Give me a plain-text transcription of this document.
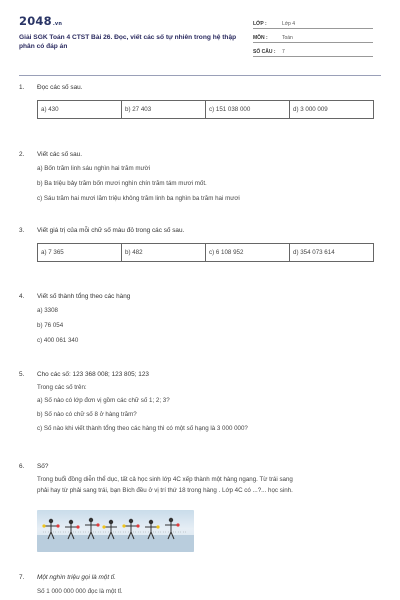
2048.vn
Giải SGK Toán 4 CTST Bài 26. Đọc, viết các số tự nhiên trong hệ thập phân có đáp án
LỚP :	Lớp 4
MÔN :	Toán
SỐ CÂU :	7
1.	Đọc các số sau.
a) 430	b) 27 403	c) 151 038 000	d) 3 000 009
2.	Viết các số sau.
a) Bốn trăm linh sáu nghìn hai trăm mười
b) Ba triệu bảy trăm bốn mươi nghìn chín trăm tám mươi mốt.
c) Sáu trăm hai mươi lăm triệu không trăm linh ba nghìn ba trăm hai mươi
3.	Viết giá trị của mỗi chữ số màu đỏ trong các số sau.
a) 7 365	b) 482	c) 6 108 952	d) 354 073 614
4.	Viết số thành tổng theo các hàng
a) 3308
b) 76 054
c) 400 061 340
5.	Cho các số: 123 368 008; 123 805; 123
Trong các số trên:
a) Số nào có lớp đơn vị gồm các chữ số 1; 2; 3?
b) Số nào có chữ số 8 ở hàng trăm?
c) Số nào khi viết thành tổng theo các hàng thì có một số hạng là 3 000 000?
6.	Số?
Trong buổi đồng diễn thể dục, tất cả học sinh lớp 4C xếp thành một hàng ngang. Từ trái sang
phải hay từ phải sang trái, bạn Bích đều ở vị trí thứ 18 trong hàng . Lớp 4C có ...?... học sinh.
7.	Một nghìn triệu gọi là một tỉ.
Số 1 000 000 000 đọc là một tỉ.
